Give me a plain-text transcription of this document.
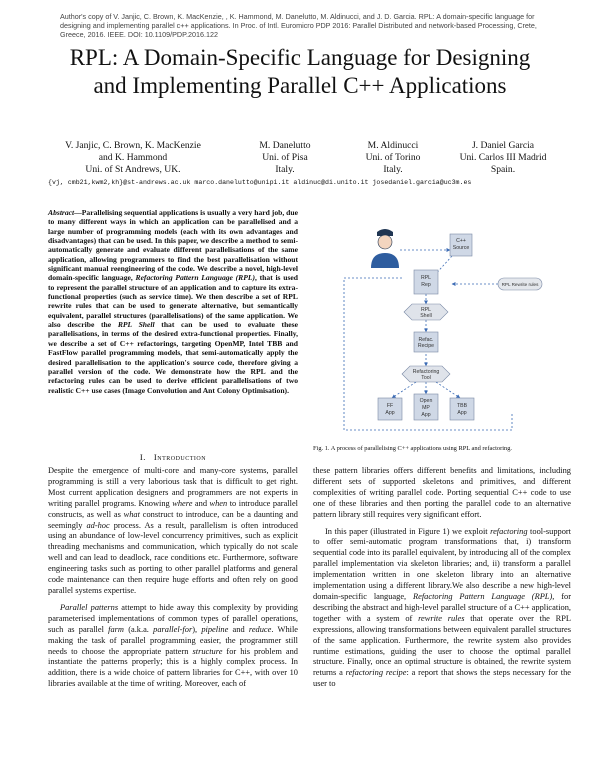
Author's copy of V. Janjic, C. Brown, K. MacKenzie, , K. Hammond, M. Danelutto, M. Aldinucci, and J. D. Garcia. RPL: A domain-specific language for designing and implementing parallel c++ applications. In Proc. of Intl. Euromicro PDP 2016: Parallel Distributed and network-based Processing, Crete, Greece, 2016. IEEE. DOI: 10.1109/PDP.2016.122
RPL: A Domain-Specific Language for Designing
and Implementing Parallel C++ Applications
V. Janjic, C. Brown, K. MacKenzie
and K. Hammond
Uni. of St Andrews, UK.
M. Danelutto
Uni. of Pisa
Italy.
M. Aldinucci
Uni. of Torino
Italy.
J. Daniel Garcia
Uni. Carlos III Madrid
Spain.
{vj, cmb21,kwm2,kh}@st-andrews.ac.uk marco.danelutto@unipi.it aldinuc@di.unito.it josedaniel.garcia@uc3m.es

Abstract—Parallelising sequential applications is usually a very hard job, due to many different ways in which an application can be parallelised and a large number of programming models (each with its own advantages and disadvantages) that can be used. In this paper, we describe a method to semi-automatically generate and evaluate different parallelisations of the same application, allowing programmers to find the best parallelisation without significant manual reengineering of the code. We describe a novel, high-level domain-specific language, Refactoring Pattern Language (RPL), that is used to represent the parallel structure of an application and to capture its extra-functional properties (such as service time). We then describe a set of RPL rewrite rules that can be used to generate alternative, but semantically equivalent, parallel structures (parallelisations) of the same application. We also describe the RPL Shell that can be used to evaluate these parallelisations, in terms of the desired extra-functional properties. Finally, we describe a set of C++ refactorings, targeting OpenMP, Intel TBB and FastFlow parallel programming models, that semi-automatically apply the desired parallelisation to the application's source code, therefore giving a parallel version of the code. We demonstrate how the RPL and the refactoring rules can be used to derive efficient parallelisations of two realistic C++ use cases (Image Convolution and Ant Colony Optimisation).

I. Introduction

Despite the emergence of multi-core and many-core systems, parallel programming is still a very laborious task that is difficult to get right. Most current application designers and programmers are not experts in writing parallel programs. Knowing where and when to introduce parallel constructs, as well as what construct to introduce, can be a daunting and seemingly ad-hoc process. As a result, parallelism is often introduced using an abundance of low-level concurrency primitives, such as explicit threading mechanisms and communication, which typically do not scale well and can lead to deadlock, race conditions etc. Furthermore, software engineering tasks such as porting to other parallel platforms and general code maintenance can then require huge efforts and often rely on good parallel systems expertise.

Parallel patterns attempt to hide away this complexity by providing parameterised implementations of common types of parallel operations, such as parallel farm (a.k.a. parallel-for), pipeline and reduce. While making the task of parallel programming easier, the programmer still needs to choose the appropriate pattern structure for his problem and instantiate the patterns properly; this is a highly complex process. In addition, there is a wide choice of pattern libraries for C++, with over 10 libraries available at the time of writing. Moreover, each of

these pattern libraries offers different benefits and limitations, including different sets of supported skeletons and primitives, and different complexities of writing parallel code. Porting sequential C++ code to use one of these libraries and then porting the parallel code to an alternative pattern library still requires very significant effort.

In this paper (illustrated in Figure 1) we exploit refactoring tool-support to offer semi-automatic program transformations that, i) transform sequential code into its parallel equivalent, by introducing all of the complex parallel implementation via skeleton libraries; and, ii) transform a parallel implementation written in one skeleton library into an alternative implementation using a different library.We also describe a new high-level domain-specific language, Refactoring Pattern Language (RPL), for describing the abstract and high-level parallel structure of a C++ application, together with a system of rewrite rules that operate over the RPL expressions, allowing transformations between equivalent parallel structures of the same application. Furthermore, the rewrite system also provides runtime estimations, guiding the user to choose the optimal parallel structure. Finally, once an optimal structure is obtained, the rewrite system returns a refactoring recipe: a report that shows the steps necessary for the user to

C++
Source
RPL
Rep
RPL
Shell
RPL Rewrite rules
Refac.
Recipe
Refactoring
Tool
FF
App
Open
MP
App
TBB
App
Fig. 1. A process of parallelising C++ applications using RPL and refactoring.
